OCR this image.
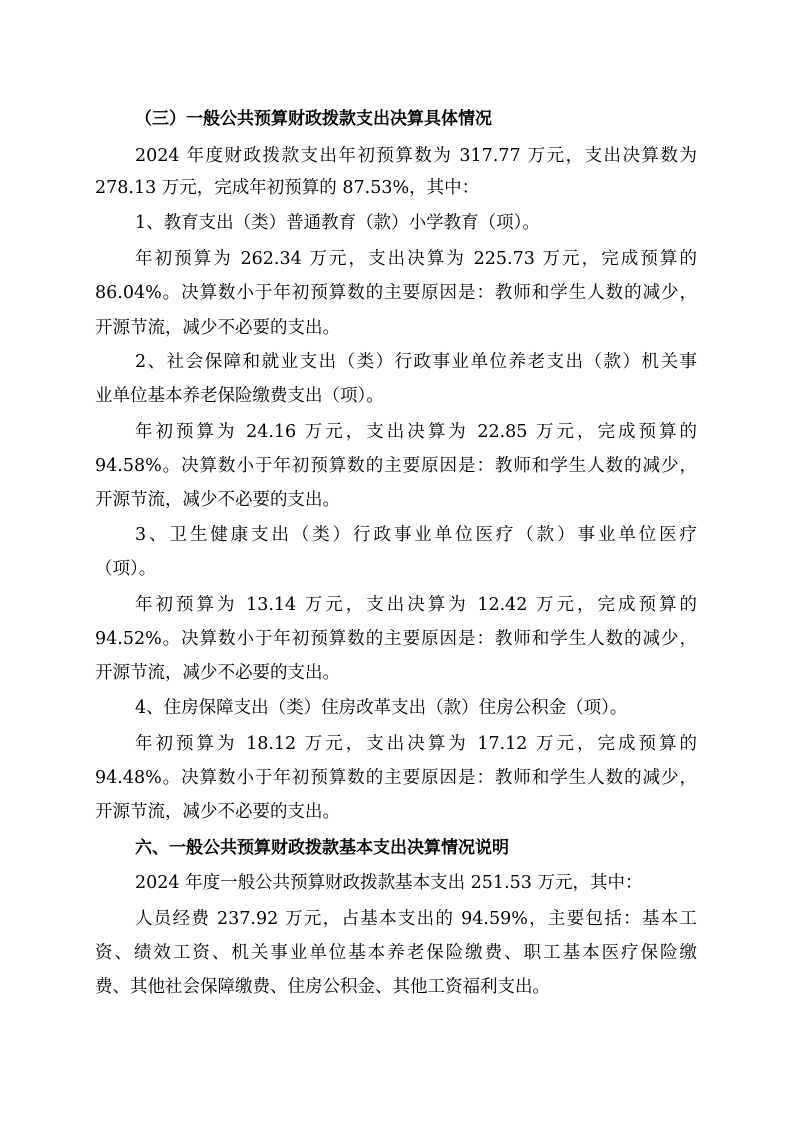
（三）一般公共预算财政拨款支出决算具体情况

2024 年度财政拨款支出年初预算数为 317.77 万元，支出决算数为

278.13 万元，完成年初预算的 87.53%，其中：

1、教育支出（类）普通教育（款）小学教育（项）。

年初预算为 262.34 万元，支出决算为 225.73 万元，完成预算的

86.04%。决算数小于年初预算数的主要原因是：教师和学生人数的减少，

开源节流，减少不必要的支出。

2、社会保障和就业支出（类）行政事业单位养老支出（款）机关事

业单位基本养老保险缴费支出（项）。

年初预算为 24.16 万元，支出决算为 22.85 万元，完成预算的

94.58%。决算数小于年初预算数的主要原因是：教师和学生人数的减少，

开源节流，减少不必要的支出。

3、卫生健康支出（类）行政事业单位医疗（款）事业单位医疗

（项）。

年初预算为 13.14 万元，支出决算为 12.42 万元，完成预算的

94.52%。决算数小于年初预算数的主要原因是：教师和学生人数的减少，

开源节流，减少不必要的支出。

4、住房保障支出（类）住房改革支出（款）住房公积金（项）。

年初预算为 18.12 万元，支出决算为 17.12 万元，完成预算的

94.48%。决算数小于年初预算数的主要原因是：教师和学生人数的减少，

开源节流，减少不必要的支出。

六、一般公共预算财政拨款基本支出决算情况说明

2024 年度一般公共预算财政拨款基本支出 251.53 万元，其中：

人员经费 237.92 万元，占基本支出的 94.59%，主要包括：基本工

资、绩效工资、机关事业单位基本养老保险缴费、职工基本医疗保险缴

费、其他社会保障缴费、住房公积金、其他工资福利支出。
